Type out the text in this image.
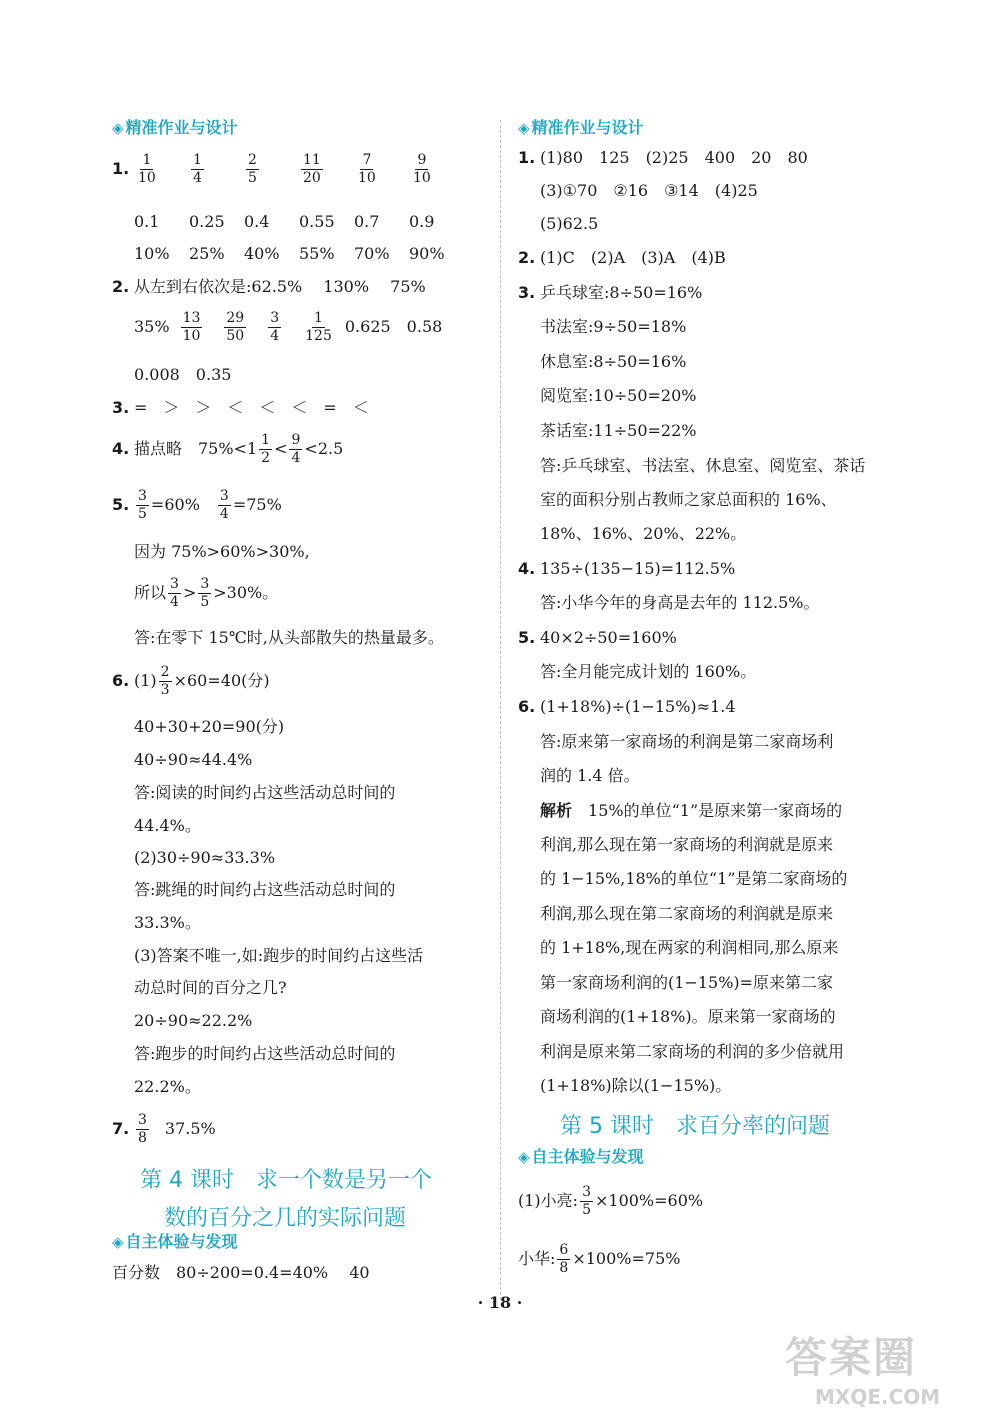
◈ 精准作业与设计
1. $\frac{1}{10} \frac{1}{4}$	$\frac{2}{5}$	$\frac{11}{20} \frac{7}{10} \frac{9}{10}$
0.1 0.25 0.4 0.55 0.7 0.9
10% 25% 40% 55% 70% 90%
2. 从左到右依次是:62.5%　 130%　 75%
$35\% \frac{13}{10} \frac{29}{50} \frac{3}{4} \frac{1}{125} 0.625$　0.58
0.008　0.35
3. =　＞　＞　＜　＜　＜　=　＜
4. 描点略　$75\%<1 \frac{1}{2} < \frac{9}{4} <2.5$
5. $\frac{3}{5} =60\% \frac{3}{4} =75\%$
因为 75%>60%>30%,
所以 $\frac{3}{4} > \frac{3}{5} >30\%$。
答:在零下 15℃时,从头部散失的热量最多。
6. $(1) \frac{2}{3} \times 60=40$(分)
40+30+20=90(分)
40÷90≈44.4%
答:阅读的时间约占这些活动总时间的
44.4%。
(2)30÷90≈33.3%
答:跳绳的时间约占这些活动总时间的
33.3%。
(3)答案不唯一,如:跑步的时间约占这些活
动总时间的百分之几?
20÷90≈22.2%
答:跑步的时间约占这些活动总时间的
22.2%。
7. $\frac{3}{8} 37.5\%$
第 4 课时　求一个数是另一个
数的百分之几的实际问题
◈ 自主体验与发现
百分数　80÷200=0.4=40%　 40
◈ 精准作业与设计
1. (1)80　125　(2)25　400　20　80
(3)①70　②16　③14　(4)25
(5)62.5
2. (1)C　(2)A　(3)A　(4)B
3. 乒乓球室:8÷50=16%
书法室:9÷50=18%
休息室:8÷50=16%
阅览室:10÷50=20%
茶话室:11÷50=22%
答:乒乓球室、书法室、休息室、阅览室、茶话
室的面积分别占教师之家总面积的 16%、
18%、16%、20%、22%。
4. 135÷(135−15)=112.5%
答:小华今年的身高是去年的 112.5%。
5. 40×2÷50=160%
答:全月能完成计划的 160%。
6. (1+18%)÷(1−15%)≈1.4
答:原来第一家商场的利润是第二家商场利
润的 1.4 倍。
解析 15%的单位“1”是原来第一家商场的
利润,那么现在第一家商场的利润就是原来
的 1−15%,18%的单位“1”是第二家商场的
利润,那么现在第二家商场的利润就是原来
的 1+18%,现在两家的利润相同,那么原来
第一家商场利润的(1−15%)=原来第二家
商场利润的(1+18%)。原来第一家商场的
利润是原来第二家商场的利润的多少倍就用
(1+18%)除以(1−15%)。
第 5 课时　求百分率的问题
◈ 自主体验与发现
(1)小亮: $\frac{3}{5} \times 100\%=60\%$
小华: $\frac{6}{8} \times 100\%=75\%$
· 18 ·
答案圈
MXQE.COM
